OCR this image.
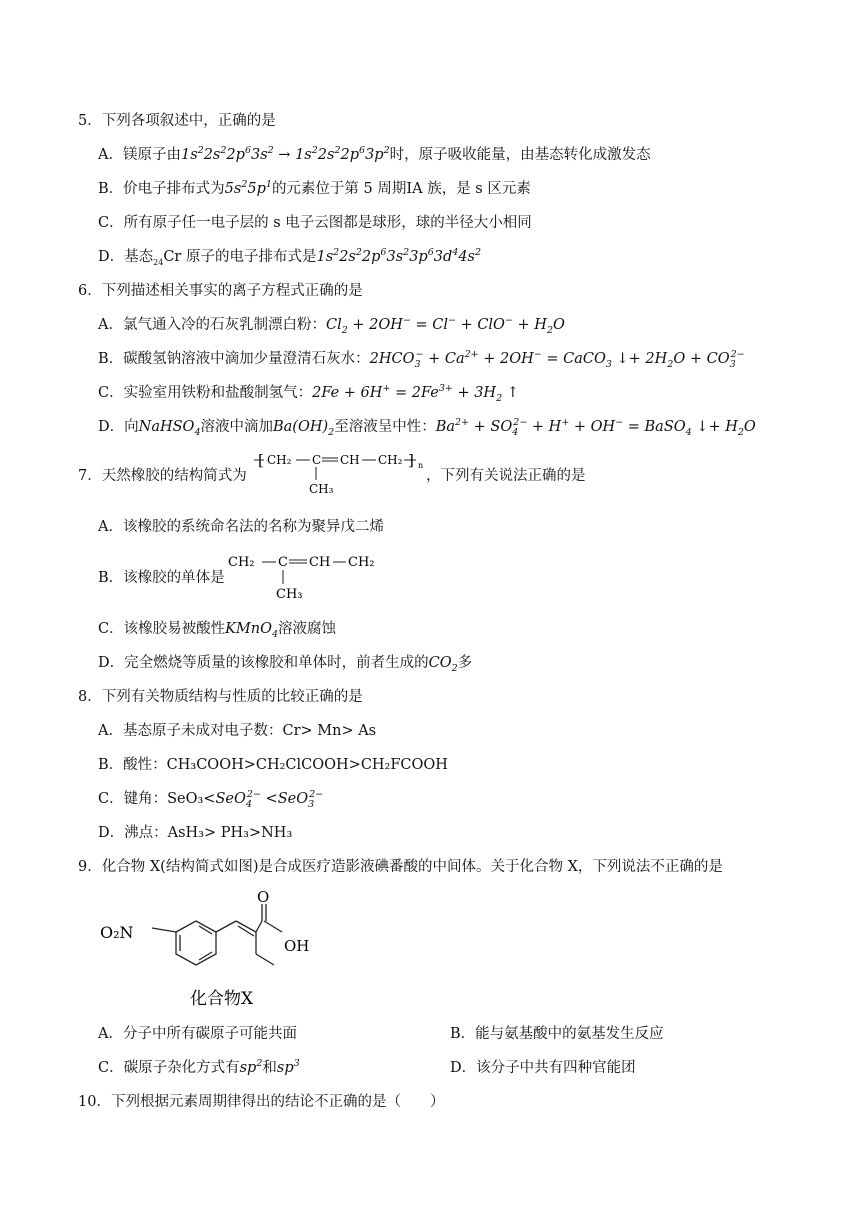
5．下列各项叙述中，正确的是
A．镁原子由$1s^22s^22p^63s^2 \to 1s^22s^22p^63p^2$时，原子吸收能量，由基态转化成激发态
B．价电子排布式为$5s^25p^1$的元素位于第 5 周期ⅠA 族，是 s 区元素
C．所有原子任一电子层的 s 电子云图都是球形，球的半径大小相同
D．基态$_{24}$Cr 原子的电子排布式是$1s^22s^22p^63s^23p^63d^44s^2$
6．下列描述相关事实的离子方程式正确的是
A．氯气通入冷的石灰乳制漂白粉：$Cl_2 + 2OH^- = Cl^- + ClO^- + H_2O$
B．碳酸氢钠溶液中滴加少量澄清石灰水：$2HCO_3^- + Ca^{2+} + 2OH^-$ = CaCO$_3$ ↓+ $2H_2O + CO_3^{2-}$
C．实验室用铁粉和盐酸制氢气：$2Fe + 6H^+ = 2Fe^{3+} + 3H_2$ ↑
D．向NaHSO$_4$溶液中滴加$Ba(OH)_2$至溶液呈中性：$Ba^{2+} + SO_4^{2-} + H^+ + OH^-$ = BaSO$_4$ ↓+ $H_2O$
7．天然橡胶的结构简式为
[ CH₂ C CH CH₂ ] n
CH₃
，下列有关说法正确的是
A．该橡胶的系统命名法的名称为聚异戊二烯
B．该橡胶的单体是
CH₂ C CH CH₂
CH₃
C．该橡胶易被酸性KMnO$_4$溶液腐蚀
D．完全燃烧等质量的该橡胶和单体时，前者生成的$CO_2$多
8．下列有关物质结构与性质的比较正确的是
A．基态原子未成对电子数：Cr> Mn> As
B．酸性：CH₃COOH>CH₂ClCOOH>CH₂FCOOH
C．键角：SeO₃<SeO$_4^{2-}$ <SeO$_3^{2-}$
D．沸点：AsH₃> PH₃>NH₃
9．化合物 X(结构简式如图)是合成医疗造影液碘番酸的中间体。关于化合物 X，下列说法不正确的是
O₂N
O
OH
化合物X
A．分子中所有碳原子可能共面	B．能与氨基酸中的氨基发生反应
C．碳原子杂化方式有$sp^2$和$sp^3$	D．该分子中共有四种官能团
10．下列根据元素周期律得出的结论不正确的是（　　）
